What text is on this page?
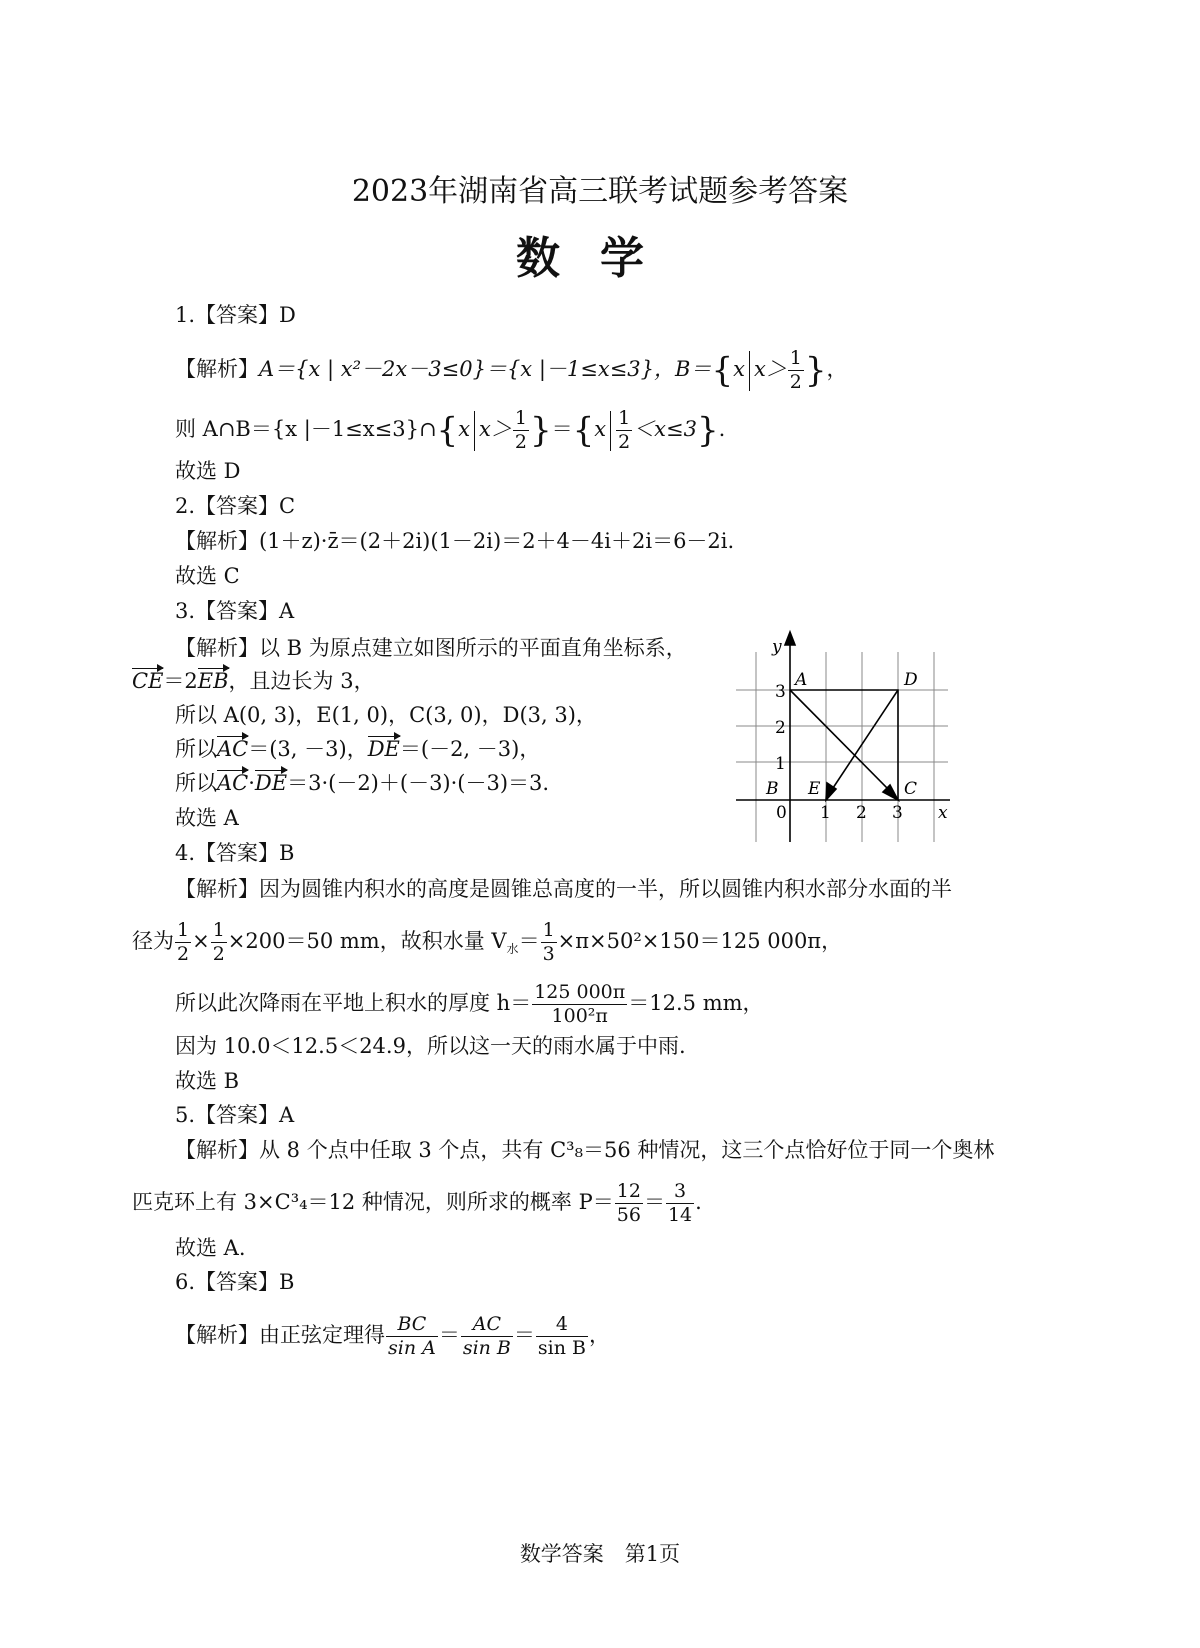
2023年湖南省高三联考试题参考答案
数学
1.【答案】D
【解析】A＝{x | x²－2x－3≤0}＝{x |－1≤x≤3}，B＝{x $x> \frac{1}{2}$ }，
则 A∩B＝{x |－1≤x≤3}∩{x $x> \frac{1}{2} \}=\{x \frac{1}{2} <x\le 3\}$.
故选 D
2.【答案】C
【解析】(1＋z)·z̄＝(2＋2i)(1－2i)＝2＋4－4i＋2i＝6－2i.
故选 C
3.【答案】A
【解析】以 B 为原点建立如图所示的平面直角坐标系，
CE＝2EB，且边长为 3，
所以 A(0, 3)，E(1, 0)，C(3, 0)，D(3, 3)，
所以AC＝(3, －3)，DE＝(－2, －3)，
所以AC·DE＝3·(－2)＋(－3)·(－3)＝3.
故选 A
y
x
0 1 2 3
1
2
3
A	D
B E	C
4.【答案】B
【解析】因为圆锥内积水的高度是圆锥总高度的一半，所以圆锥内积水部分水面的半
径为 $\frac{1}{2} \times \frac{1}{2} \times 200=50$ mm，故积水量 $V_水= \frac{1}{3} \times\pi\times 50^2\times 150=125$ 000π，
所以此次降雨在平地上积水的厚度 $h= \frac{125 000\pi}{\text{100²π}} =12.5$ mm，
因为 10.0＜12.5＜24.9，所以这一天的雨水属于中雨.
故选 B
5.【答案】A
【解析】从 8 个点中任取 3 个点，共有 C³₈＝56 种情况，这三个点恰好位于同一个奥林
匹克环上有 3×C³₄＝12 种情况，则所求的概率 $P= \frac{12}{56} = \frac{3}{14}$ .
故选 A.
6.【答案】B
【解析】由正弦定理得 $\frac{BC}{\text{sin A}} = \frac{AC}{\text{sin B}} = \frac{4}{\text{sin B}}$ ，
数学答案　第1页
